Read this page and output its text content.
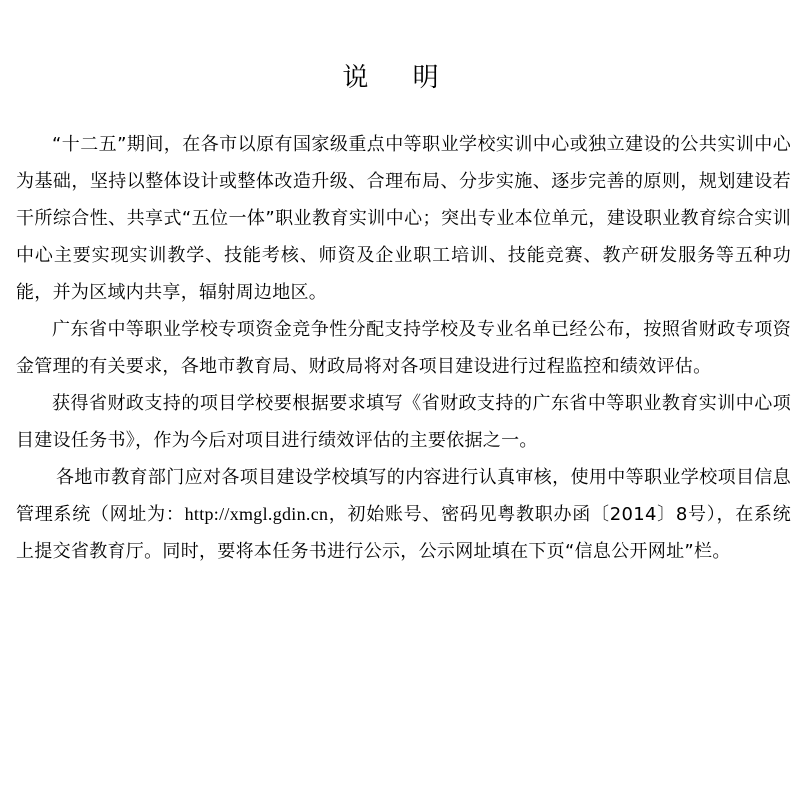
说 明

“十二五”期间，在各市以原有国家级重点中等职业学校实训中心或独立建设的公共实训中心为基础，坚持以整体设计或整体改造升级、合理布局、分步实施、逐步完善的原则，规划建设若干所综合性、共享式“五位一体”职业教育实训中心；突出专业本位单元，建设职业教育综合实训中心主要实现实训教学、技能考核、师资及企业职工培训、技能竞赛、教产研发服务等五种功能，并为区域内共享，辐射周边地区。

广东省中等职业学校专项资金竞争性分配支持学校及专业名单已经公布，按照省财政专项资金管理的有关要求，各地市教育局、财政局将对各项目建设进行过程监控和绩效评估。

获得省财政支持的项目学校要根据要求填写《省财政支持的广东省中等职业教育实训中心项目建设任务书》，作为今后对项目进行绩效评估的主要依据之一。

各地市教育部门应对各项目建设学校填写的内容进行认真审核，使用中等职业学校项目信息管理系统（网址为：http://xmgl.gdin.cn，初始账号、密码见粤教职办函〔2014〕8号），在系统上提交省教育厅。同时，要将本任务书进行公示，公示网址填在下页“信息公开网址”栏。
